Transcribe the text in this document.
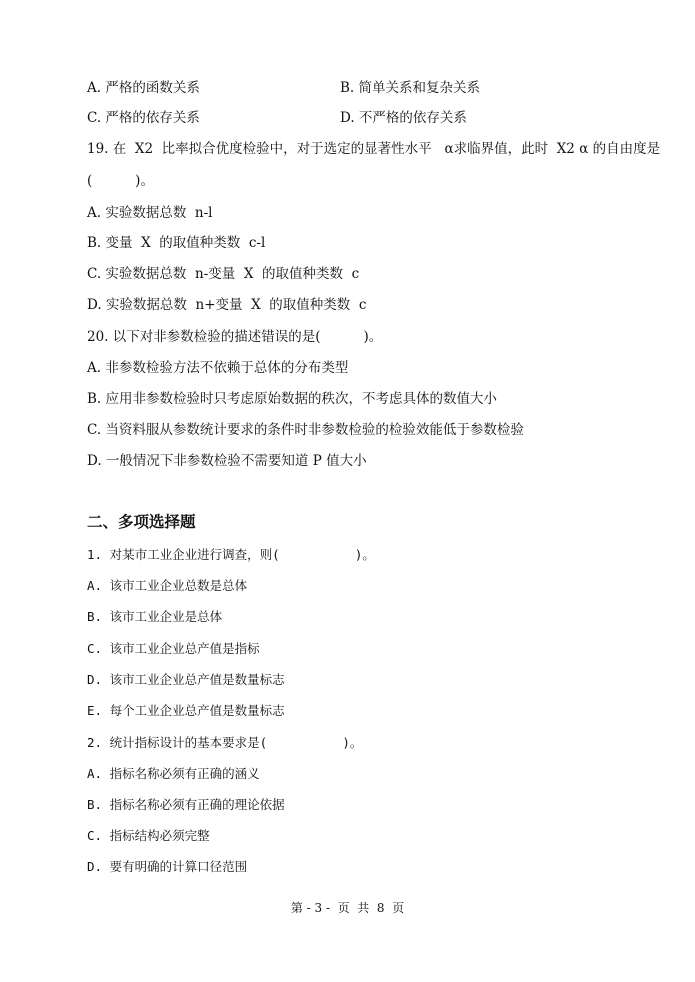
A. 严格的函数关系	B. 简单关系和复杂关系
C. 严格的依存关系	D. 不严格的依存关系
19. 在  X2  比率拟合优度检验中，对于选定的显著性水平   α求临界值，此时  X2 α 的自由度是
(          )。
A. 实验数据总数  n-l
B. 变量  X  的取值种类数  c-l
C. 实验数据总数  n-变量  X  的取值种类数  c
D. 实验数据总数  n+变量  X  的取值种类数  c
20. 以下对非参数检验的描述错误的是(          )。
A. 非参数检验方法不依赖于总体的分布类型
B. 应用非参数检验时只考虑原始数据的秩次，不考虑具体的数值大小
C. 当资料服从参数统计要求的条件时非参数检验的检验效能低于参数检验
D. 一般情况下非参数检验不需要知道 P 值大小
二、多项选择题
1. 对某市工业企业进行调查，则(          )。
A. 该市工业企业总数是总体
B. 该市工业企业是总体
C. 该市工业企业总产值是指标
D. 该市工业企业总产值是数量标志
E. 每个工业企业总产值是数量标志
2. 统计指标设计的基本要求是(          )。
A. 指标名称必须有正确的涵义
B. 指标名称必须有正确的理论依据
C. 指标结构必须完整
D. 要有明确的计算口径范围
第 - 3 -  页  共  8  页
